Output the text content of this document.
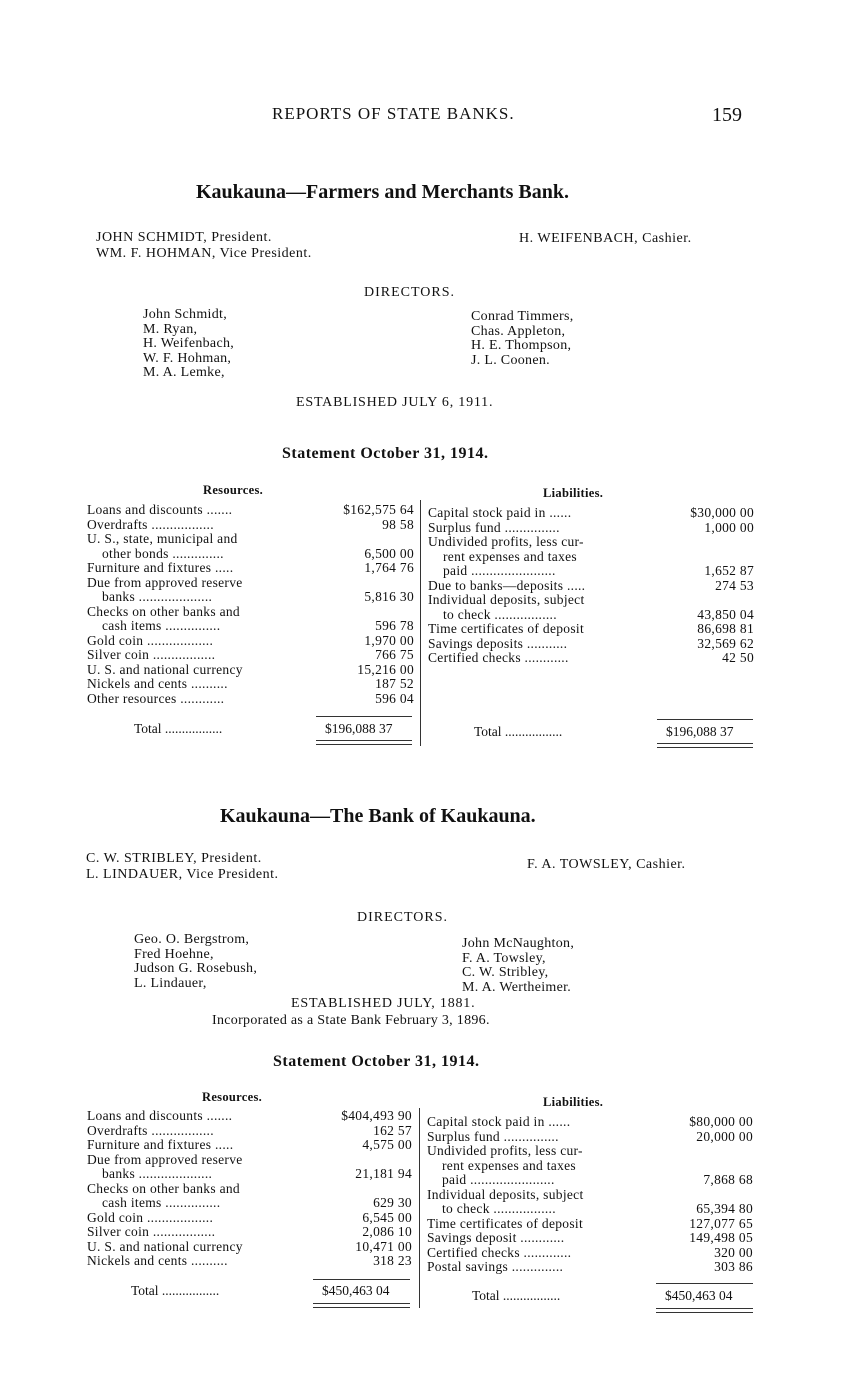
REPORTS OF STATE BANKS.	159
Kaukauna—Farmers and Merchants Bank.
JOHN SCHMIDT, President.
WM. F. HOHMAN, Vice President.
H. WEIFENBACH, Cashier.
DIRECTORS.
John Schmidt,
M. Ryan,
H. Weifenbach,
W. F. Hohman,
M. A. Lemke,
Conrad Timmers,
Chas. Appleton,
H. E. Thompson,
J. L. Coonen.
ESTABLISHED JULY 6, 1911.
Statement October 31, 1914.
Resources.	Liabilities.
Loans and discounts .......	$162,575 64
Overdrafts .................	98 58
U. S., state, municipal and
other bonds ..............	6,500 00
Furniture and fixtures .....	1,764 76
Due from approved reserve
banks ....................	5,816 30
Checks on other banks and
cash items ...............	596 78
Gold coin ..................	1,970 00
Silver coin .................	766 75
U. S. and national currency	15,216 00
Nickels and cents ..........	187 52
Other resources ............	596 04
Capital stock paid in ......	$30,000 00
Surplus fund ...............	1,000 00
Undivided profits, less cur-
rent expenses and taxes
paid .......................	1,652 87
Due to banks—deposits .....	274 53
Individual deposits, subject
to check .................	43,850 04
Time certificates of deposit	86,698 81
Savings deposits ...........	32,569 62
Certified checks ............	42 50
Total .................	$196,088 37	Total .................	$196,088 37
Kaukauna—The Bank of Kaukauna.
C. W. STRIBLEY, President.
L. LINDAUER, Vice President.
F. A. TOWSLEY, Cashier.
DIRECTORS.
Geo. O. Bergstrom,
Fred Hoehne,
Judson G. Rosebush,
L. Lindauer,
John McNaughton,
F. A. Towsley,
C. W. Stribley,
M. A. Wertheimer.
ESTABLISHED JULY, 1881.
Incorporated as a State Bank February 3, 1896.
Statement October 31, 1914.
Resources.	Liabilities.
Loans and discounts .......	$404,493 90
Overdrafts .................	162 57
Furniture and fixtures .....	4,575 00
Due from approved reserve
banks ....................	21,181 94
Checks on other banks and
cash items ...............	629 30
Gold coin ..................	6,545 00
Silver coin .................	2,086 10
U. S. and national currency	10,471 00
Nickels and cents ..........	318 23
Capital stock paid in ......	$80,000 00
Surplus fund ...............	20,000 00
Undivided profits, less cur-
rent expenses and taxes
paid .......................	7,868 68
Individual deposits, subject
to check .................	65,394 80
Time certificates of deposit	127,077 65
Savings deposit ............	149,498 05
Certified checks .............	320 00
Postal savings ..............	303 86
Total .................	$450,463 04	Total .................	$450,463 04
